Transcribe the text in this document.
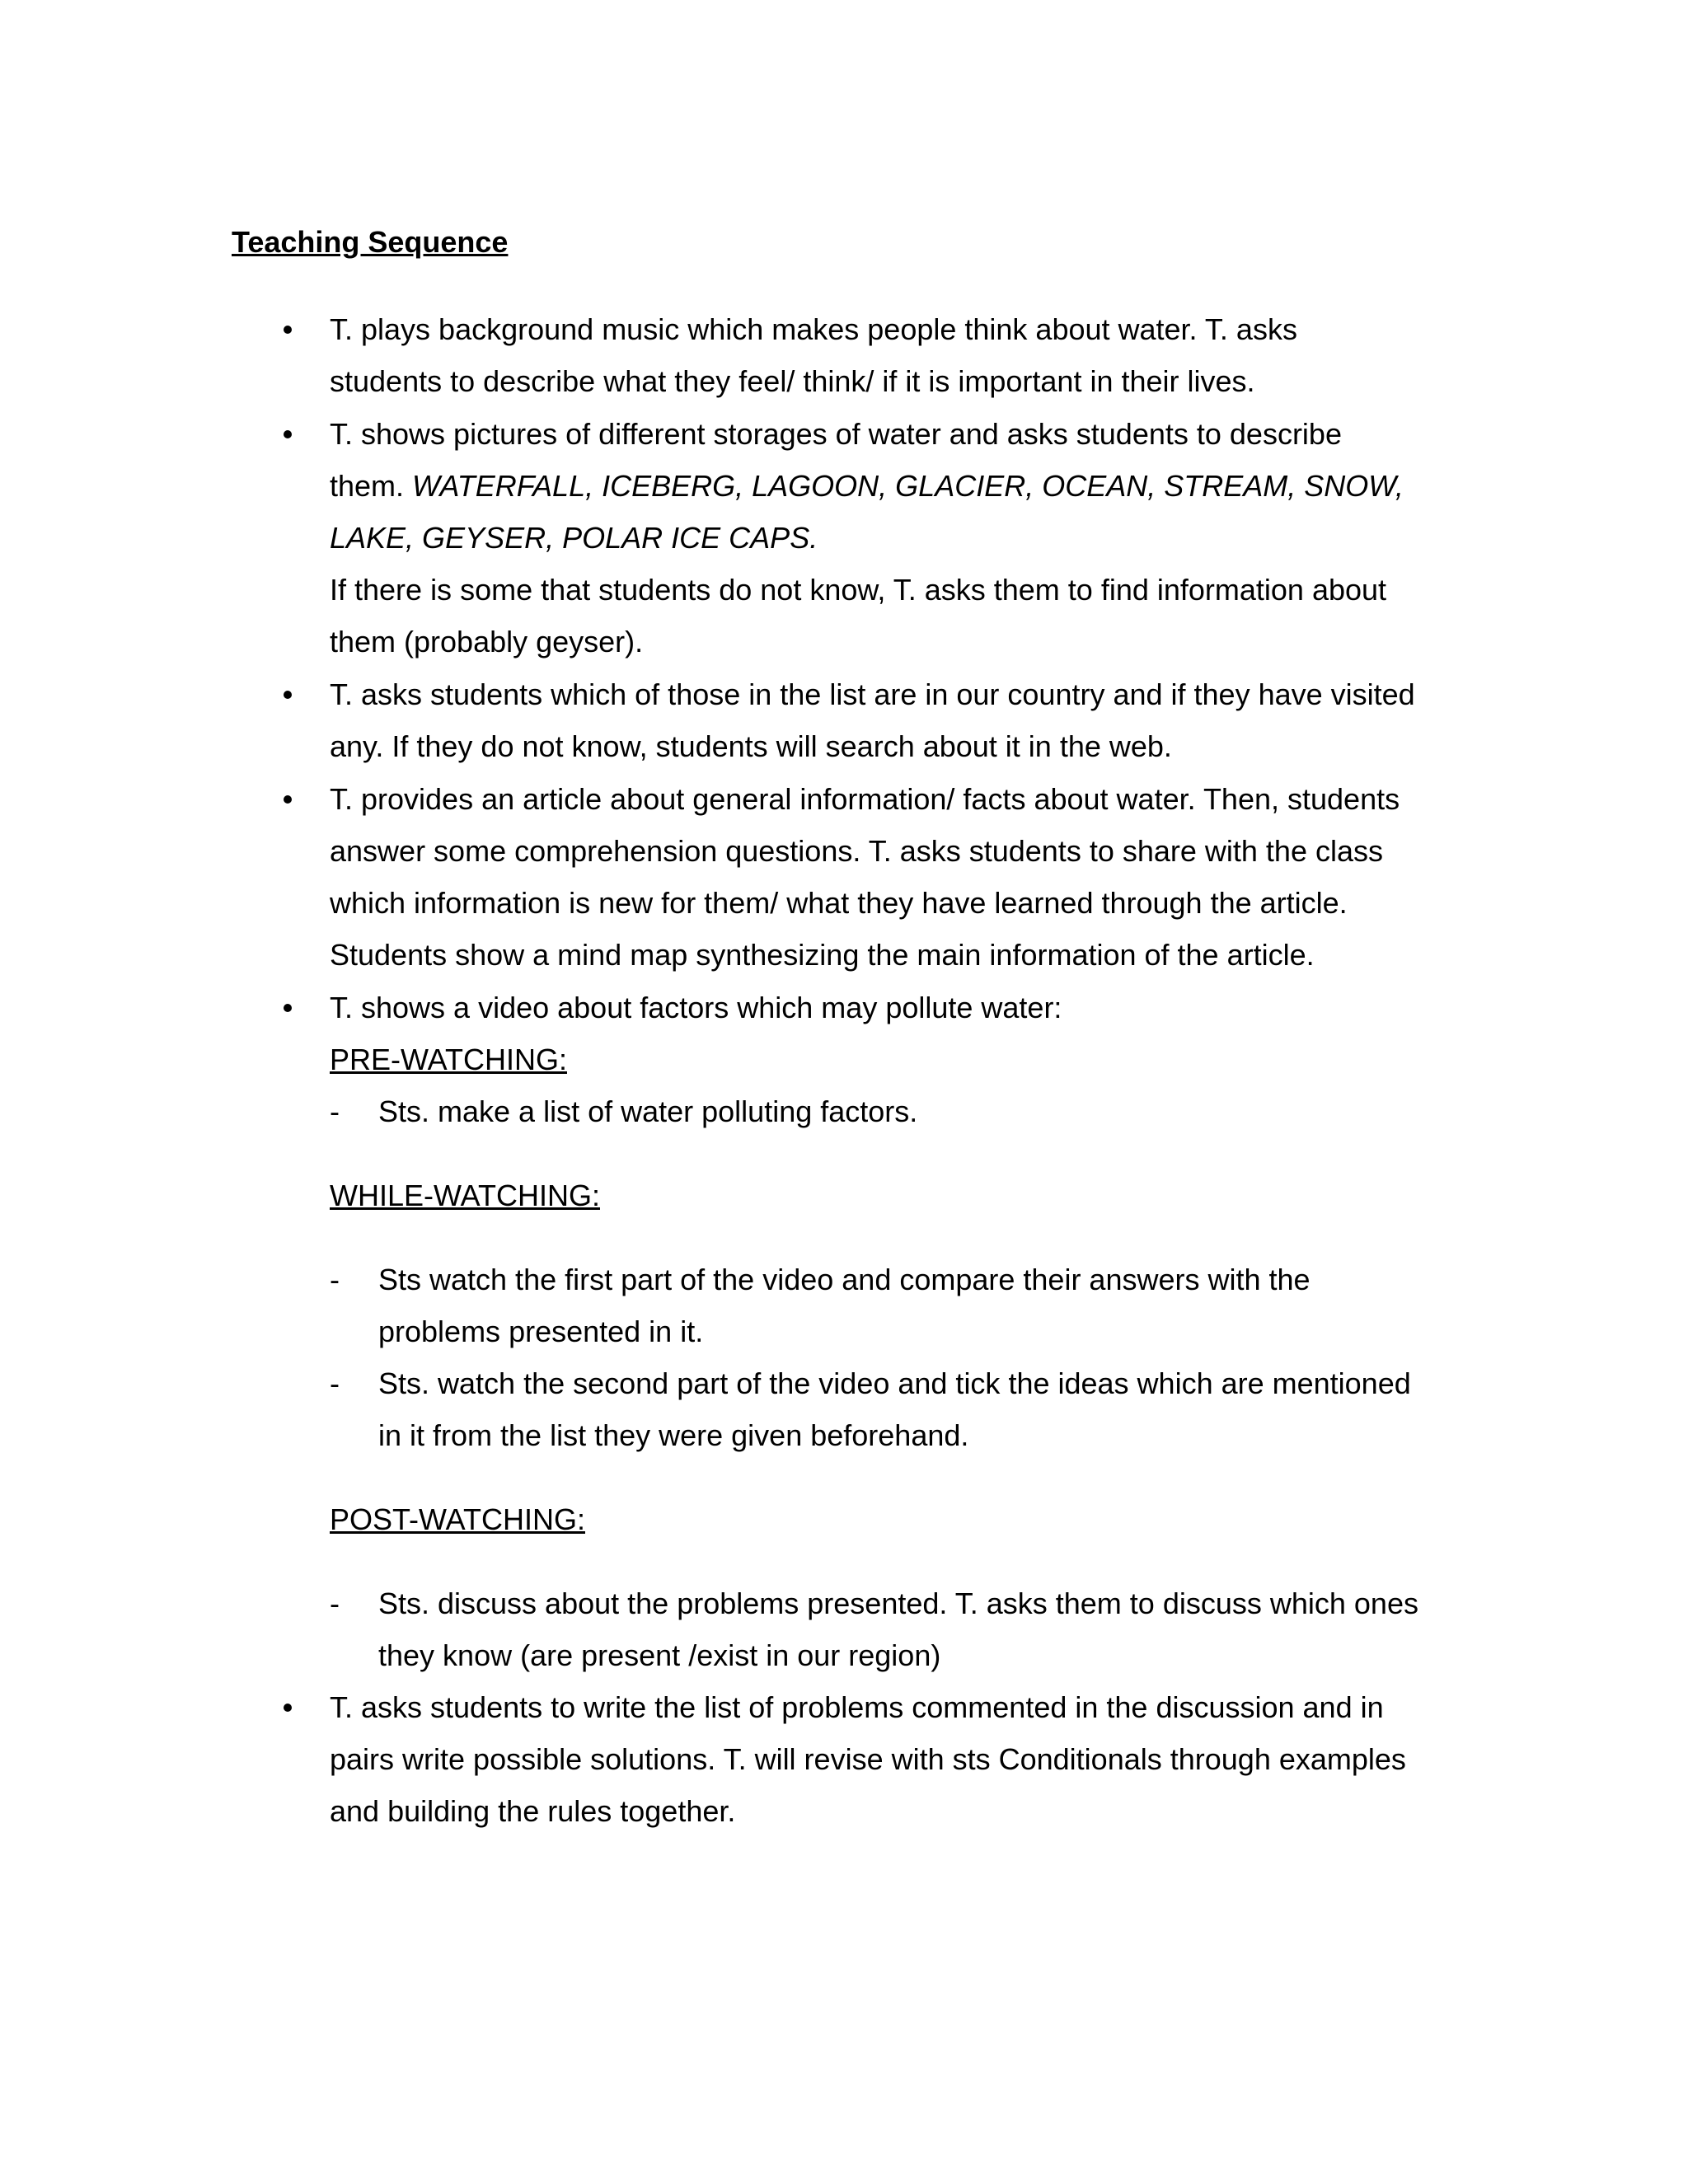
Teaching Sequence
T. plays background music which makes people think about water. T. asks
students to describe what they feel/ think/ if it is important in their lives.
T. shows pictures of different storages of water and asks students to describe
them. WATERFALL, ICEBERG, LAGOON, GLACIER, OCEAN, STREAM, SNOW,
LAKE, GEYSER, POLAR ICE CAPS.
If there is some that students do not know, T. asks them to find information about
them (probably geyser).
T. asks students which of those in the list are in our country and if they have visited
any. If they do not know, students will search about it in the web.
T. provides an article about general information/ facts about water. Then, students
answer some comprehension questions. T. asks students to share with the class
which information is new for them/ what they have learned through the article.
Students show a mind map synthesizing the main information of the article.
T. shows a video about factors which may pollute water:
PRE-WATCHING:
- Sts. make a list of water polluting factors.
WHILE-WATCHING:
- Sts watch the first part of the video and compare their answers with the
problems presented in it.
- Sts. watch the second part of the video and tick the ideas which are mentioned
in it from the list they were given beforehand.
POST-WATCHING:
- Sts. discuss about the problems presented. T. asks them to discuss which ones
they know (are present /exist in our region)
T. asks students to write the list of problems commented in the discussion and in
pairs write possible solutions. T. will revise with sts Conditionals through examples
and building the rules together.
